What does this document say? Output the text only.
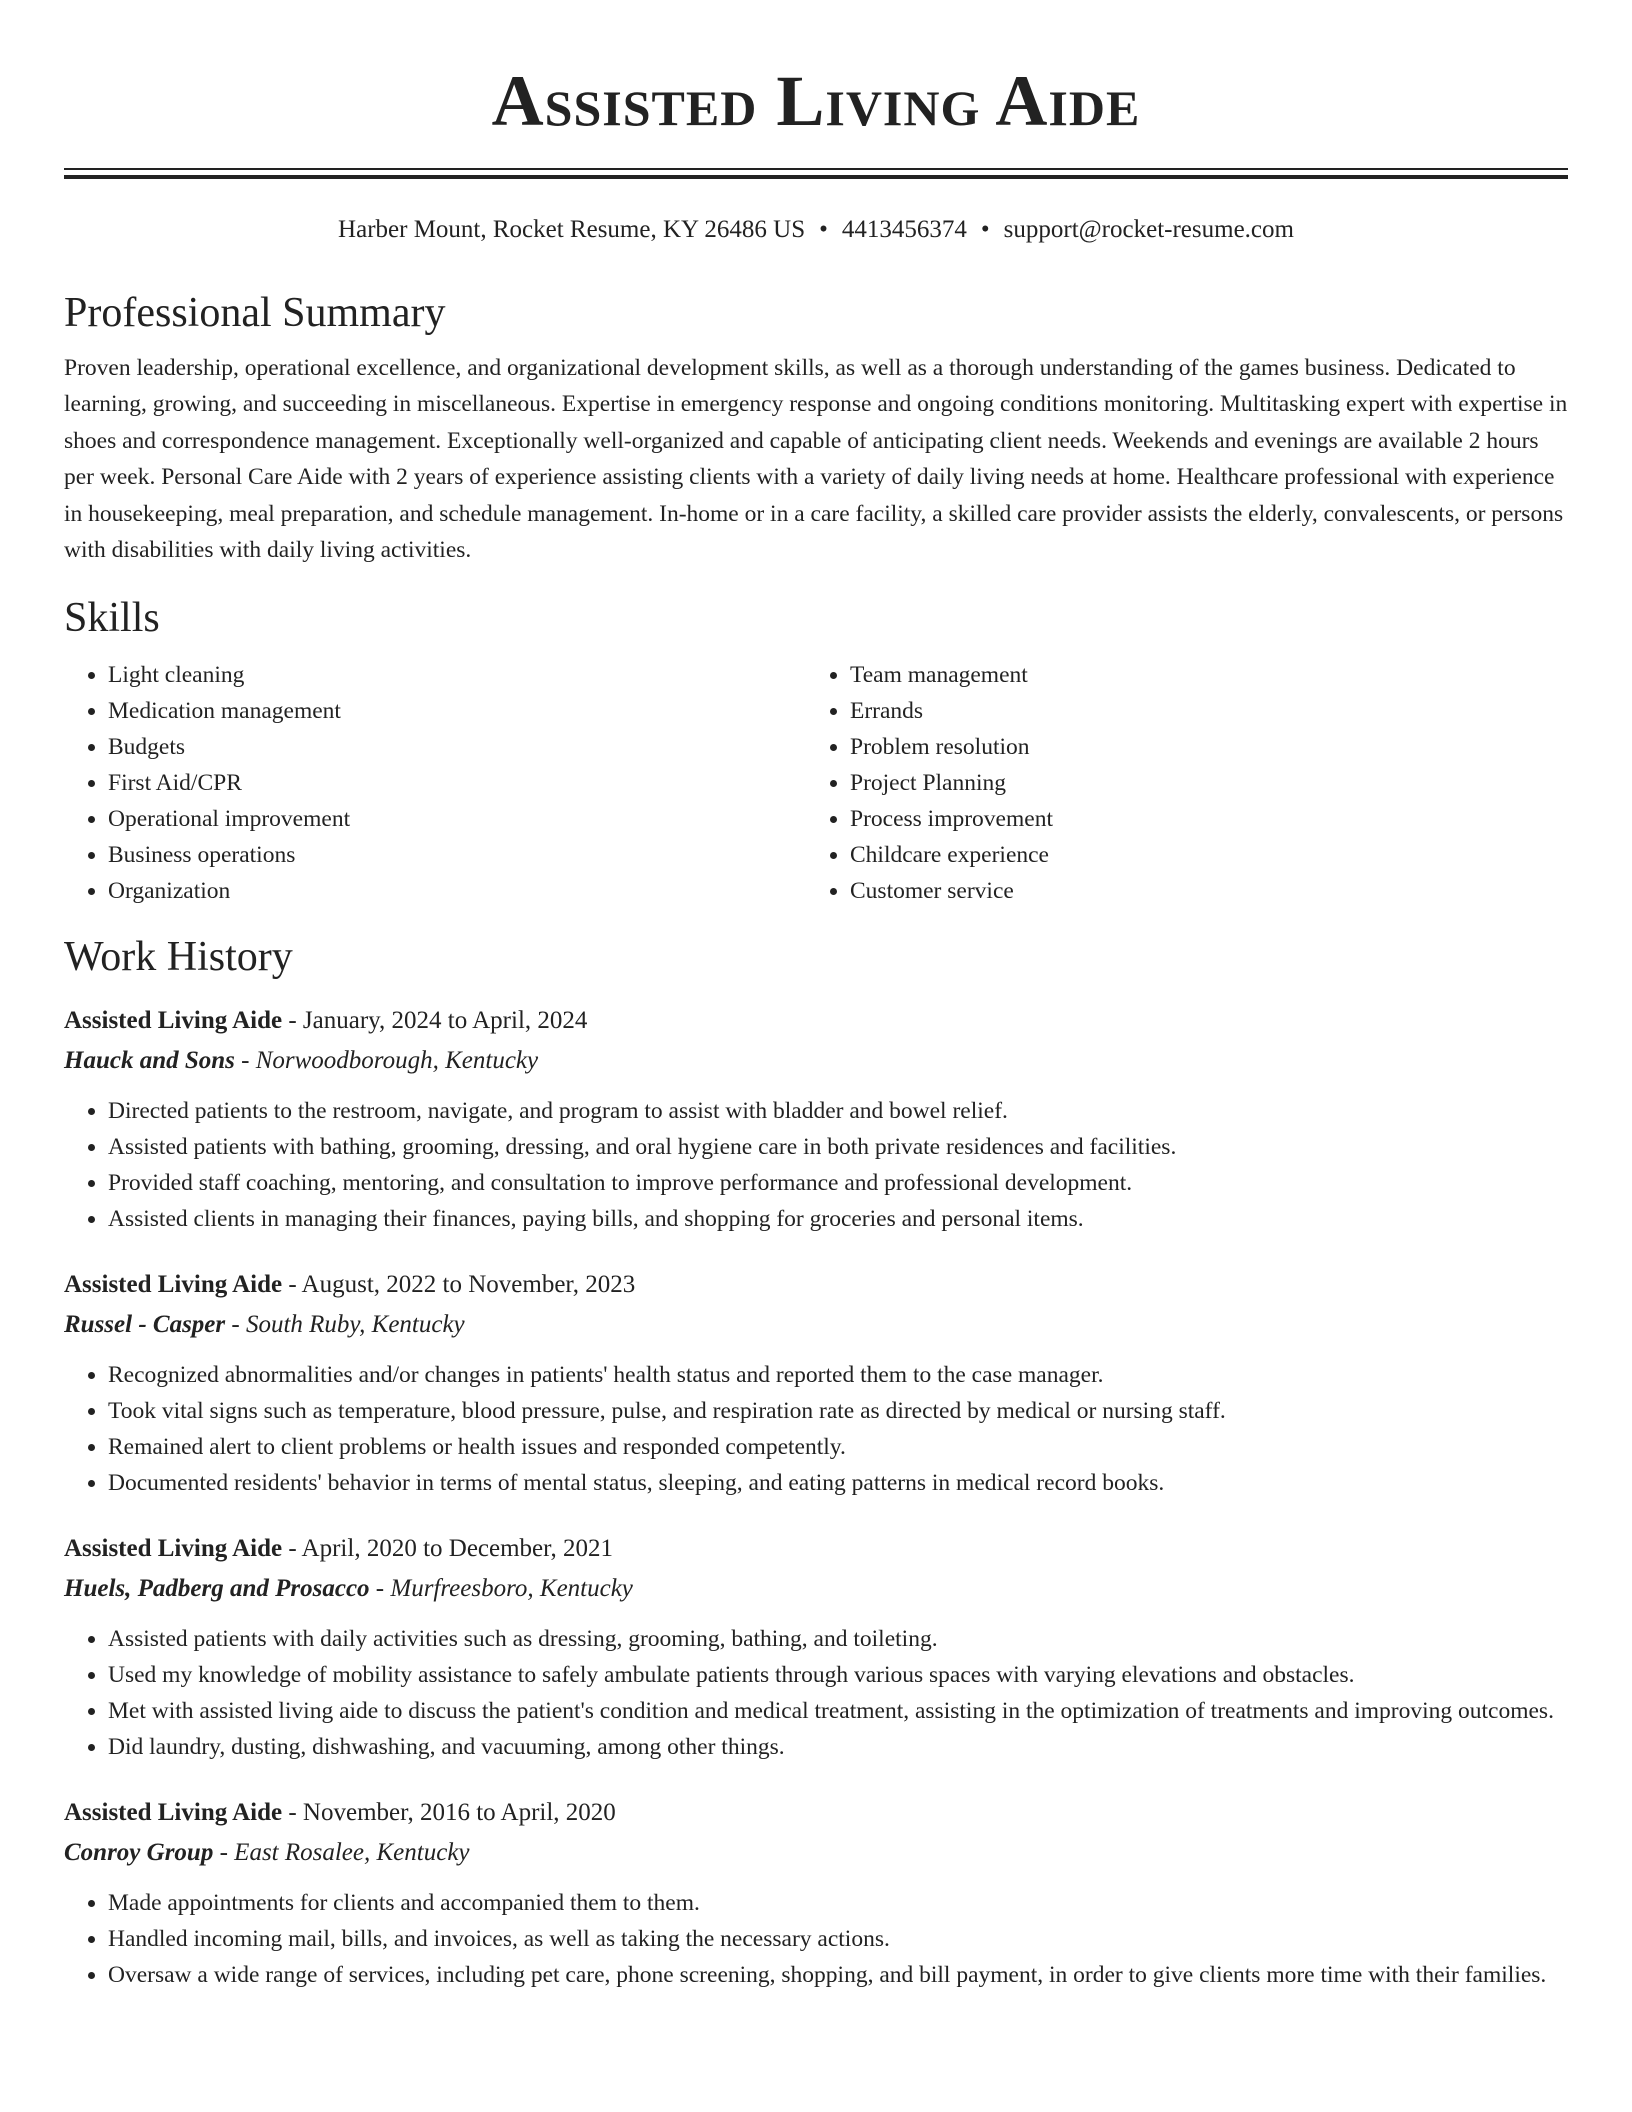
Assisted Living Aide
Harber Mount, Rocket Resume, KY 26486 US • 4413456374 • support@rocket-resume.com
Professional Summary
Proven leadership, operational excellence, and organizational development skills, as well as a thorough understanding of the games business. Dedicated to learning, growing, and succeeding in miscellaneous. Expertise in emergency response and ongoing conditions monitoring. Multitasking expert with expertise in shoes and correspondence management. Exceptionally well-organized and capable of anticipating client needs. Weekends and evenings are available 2 hours per week. Personal Care Aide with 2 years of experience assisting clients with a variety of daily living needs at home. Healthcare professional with experience in housekeeping, meal preparation, and schedule management. In-home or in a care facility, a skilled care provider assists the elderly, convalescents, or persons with disabilities with daily living activities.
Skills
• Light cleaning
• Medication management
• Budgets
• First Aid/CPR
• Operational improvement
• Business operations
• Organization
• Team management
• Errands
• Problem resolution
• Project Planning
• Process improvement
• Childcare experience
• Customer service
Work History
Assisted Living Aide - January, 2024 to April, 2024
Hauck and Sons - Norwoodborough, Kentucky
• Directed patients to the restroom, navigate, and program to assist with bladder and bowel relief.
• Assisted patients with bathing, grooming, dressing, and oral hygiene care in both private residences and facilities.
• Provided staff coaching, mentoring, and consultation to improve performance and professional development.
• Assisted clients in managing their finances, paying bills, and shopping for groceries and personal items.
Assisted Living Aide - August, 2022 to November, 2023
Russel - Casper - South Ruby, Kentucky
• Recognized abnormalities and/or changes in patients' health status and reported them to the case manager.
• Took vital signs such as temperature, blood pressure, pulse, and respiration rate as directed by medical or nursing staff.
• Remained alert to client problems or health issues and responded competently.
• Documented residents' behavior in terms of mental status, sleeping, and eating patterns in medical record books.
Assisted Living Aide - April, 2020 to December, 2021
Huels, Padberg and Prosacco - Murfreesboro, Kentucky
• Assisted patients with daily activities such as dressing, grooming, bathing, and toileting.
• Used my knowledge of mobility assistance to safely ambulate patients through various spaces with varying elevations and obstacles.
• Met with assisted living aide to discuss the patient's condition and medical treatment, assisting in the optimization of treatments and improving outcomes.
• Did laundry, dusting, dishwashing, and vacuuming, among other things.
Assisted Living Aide - November, 2016 to April, 2020
Conroy Group - East Rosalee, Kentucky
• Made appointments for clients and accompanied them to them.
• Handled incoming mail, bills, and invoices, as well as taking the necessary actions.
• Oversaw a wide range of services, including pet care, phone screening, shopping, and bill payment, in order to give clients more time with their families.
